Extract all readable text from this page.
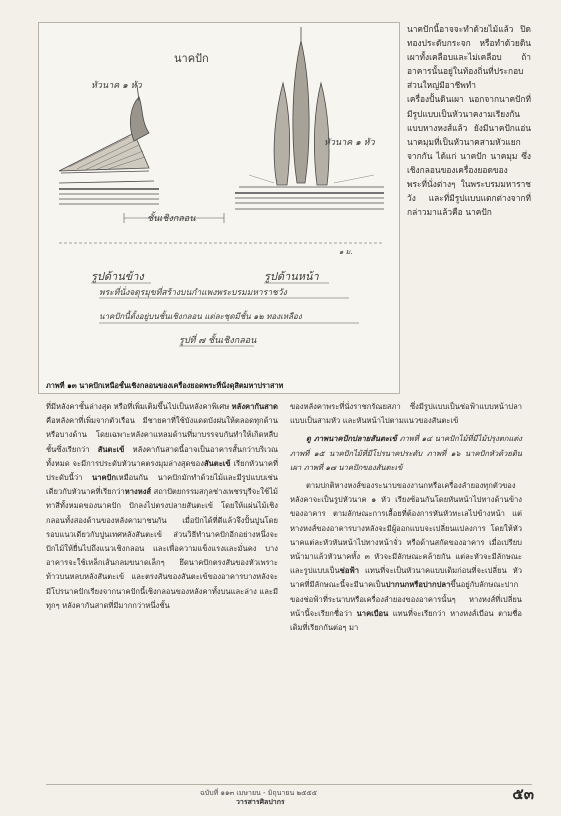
นาคปัก
หัวนาค ๑ หัว
หัวนาค ๑ หัว
ชั้นเชิงกลอน
๑ ม.
รูปด้านข้าง	รูปด้านหน้า
พระที่นั่งจตุรมุขที่สร้างบนกำแพงพระบรมมหาราชวัง
นาคปักนี้ตั้งอยู่บนชั้นเชิงกลอน แต่ละชุดมีชั้น ๑๒ ทองเหลือง
รูปที่ ๗ ชั้นเชิงกลอน
ภาพที่ ๑๓ นาคปักเหนือชั้นเชิงกลอนของเครื่องยอดพระที่นั่งดุสิตมหาปราสาท
นาคปักนี้อาจจะทำด้วยไม้แล้ว ปิดทองประดับกระจก หรือทำด้วยดินเผาทั้งเคลือบและไม่เคลือบ ถ้าอาคารนั้นอยู่ในท้องถิ่นที่ประกอบส่วนใหญ่มีอาชีพทำเครื่องปั้นดินเผา นอกจากนาคปักที่มีรูปแบบเป็นหัวนาคงามเรียงกันแบบหางหงส์แล้ว ยังมีนาคปักแอ่นนาคมุมที่เป็นหัวนาคสามหัวแยกจากกัน ได้แก่ นาคปัก นาคมุม ซึ่งเชิงกลอนของเครื่องยอดของพระที่นั่งต่างๆ ในพระบรมมหาราชวัง และที่มีรูปแบบแตกต่างจากที่กล่าวมาแล้วคือ นาคปัก

ที่มีหลังคาชั้นล่างสุด หรือที่เพิ่มเติมขึ้นไปเป็นหลังคาพิเศษ หลังคากันสาดคือหลังคาที่เพิ่มจากตัวเรือน มีชายคาที่ใช้บังแดดบังฝนให้ตลอดทุกด้านหรือบางด้าน โดยเฉพาะหลังคาแหลมด้านที่มาบรรจบกันทำให้เกิดหลืบชั้นซึ่งเรียกว่า สันตะเข้ หลังคากันสาดนี้อาจเป็นอาคารสั้นกว่าบริเวณทั้งหมด จะมีการประดับหัวนาคตรงมุมล่างสุดของสันตะเข้ เรียกหัวนาคที่ประดับนี้ว่า นาคปักเหมือนกัน นาคปักมักทำด้วยไม้และมีรูปแบบเช่นเดียวกับหัวนาคที่เรียกว่าหางหงส์ สถาปัตยกรรมสกุลช่างเพชรบุรีจะใช้ไม้ทาสีทั้งหมดของนาคปัก ปักลงไปตรงปลายสันตะเข้ โดยให้แผ่นไม้เชิงกลอนทั้งสองด้านของหลังคามาชนกัน เมื่อปักได้ที่ดีแล้วจึงปั้นปูนโดยรอบแนวเดียวกับปูนเทศหลังสันตะเข้ ส่วนวิธีทำนาคปักอีกอย่างหนึ่งจะปักไม้ให้ยื่นไปถึงแนวเชิงกลอน และเพื่อความแข็งแรงและมั่นคง บางอาคารจะใช้เหล็กเส้นกลมขนาดเล็กๆ ยึดนาคปักตรงสันของหัวเพราะท้าวบนหลบหลังสันตะเข้ และตรงสันของสันตะเข้ของอาคารบางหลังจะมีโปรนาคปักเรียงจากนาคปักนี้เชิงกลอนของหลังคาทั้งบนและล่าง และมีทุกๆ หลังคากันสาดที่มีมากกว่าหนึ่งชั้น

ของหลังคาพระที่นั่งราชกรัณยสภา ซึ่งมีรูปแบบเป็นช่อฟ้าแบบหน้าปลาแบบเป็นสามหัว และหันหน้าไปตามแนวของสันตะเข้

ดู ภาพนาคปักปลายสันตะเข้ ภาพที่ ๑๔ นาคปักไม้ที่มีไม้ปรุงตกแต่ง ภาพที่ ๑๕ นาคปักไม้ที่มีโปรนาคประดับ ภาพที่ ๑๖ นาคปักหัวด้วยดินเผา ภาพที่ ๑๗ นาคปักของสันตะเข้

ตามปกติหางหงส์ของระนาบของงานกหรือเครื่องลำยองทุกตัวของหลังคาจะเป็นรูปหัวนาค ๑ หัว เรียงซ้อนกันโดยหันหน้าไปทางด้านข้างของอาคาร ตามลักษณะการเลื้อยที่ต้องการหันหัวทะเลไปข้างหน้า แต่หางหงส์ของอาคารบางหลังจะมีผู้ออกแบบจะเปลี่ยนแปลงการ โดยให้หัวนาคแต่ละหัวหันหน้าไปทางหน้าจั่ว หรือด้านสกัดของอาคาร เมื่อเปรียบหน้ามาแล้วหัวนาคทั้ง ๓ หัวจะมีลักษณะคล้ายกัน แต่ละหัวจะมีลักษณะและรูปแบบเป็นช่อฟ้า แทนที่จะเป็นหัวนาคแบบเดิมก่อนที่จะเปลี่ยน หัวนาคที่มีลักษณะนี้จะมีนาคเป็นปากนกหรือปากปลาขึ้นอยู่กับลักษณะปากของช่อฟ้าที่ระนาบหรือเครื่องลำยองของอาคารนั้นๆ หางหงส์ที่เปลี่ยนหน้านี้จะเรียกชื่อว่า นาคเบือน แทนที่จะเรียกว่า หางหงส์เบือน ตามชื่อเดิมที่เรียกกันต่อๆ มา

ฉบับที่ ๑๑๓ เมษายน - มิถุนายน ๒๕๕๕
วารสารศิลปากร	๕๓
